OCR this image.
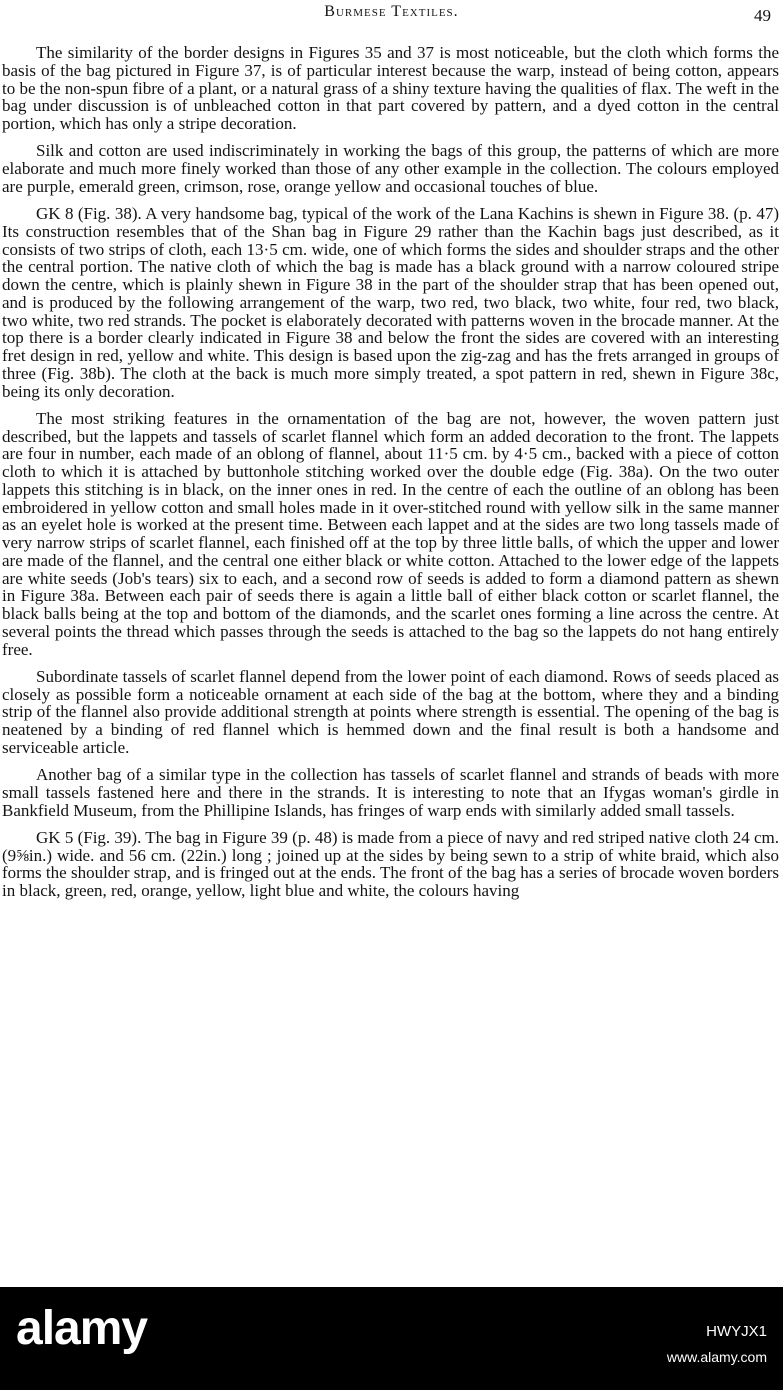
Burmese Textiles.	49

The similarity of the border designs in Figures 35 and 37 is most noticeable, but the cloth which forms the basis of the bag pictured in Figure 37, is of particular interest because the warp, instead of being cotton, appears to be the non-spun fibre of a plant, or a natural grass of a shiny texture having the qualities of flax. The weft in the bag under discussion is of unbleached cotton in that part covered by pattern, and a dyed cotton in the central portion, which has only a stripe decoration.

Silk and cotton are used indiscriminately in working the bags of this group, the patterns of which are more elaborate and much more finely worked than those of any other example in the collection. The colours employed are purple, emerald green, crimson, rose, orange yellow and occasional touches of blue.

GK 8 (Fig. 38). A very handsome bag, typical of the work of the Lana Kachins is shewn in Figure 38. (p. 47) Its construction resembles that of the Shan bag in Figure 29 rather than the Kachin bags just described, as it consists of two strips of cloth, each 13·5 cm. wide, one of which forms the sides and shoulder straps and the other the central portion. The native cloth of which the bag is made has a black ground with a narrow coloured stripe down the centre, which is plainly shewn in Figure 38 in the part of the shoulder strap that has been opened out, and is produced by the following arrangement of the warp, two red, two black, two white, four red, two black, two white, two red strands. The pocket is elaborately decorated with patterns woven in the brocade manner. At the top there is a border clearly indicated in Figure 38 and below the front the sides are covered with an interesting fret design in red, yellow and white. This design is based upon the zig-zag and has the frets arranged in groups of three (Fig. 38b). The cloth at the back is much more simply treated, a spot pattern in red, shewn in Figure 38c, being its only decoration.

The most striking features in the ornamentation of the bag are not, however, the woven pattern just described, but the lappets and tassels of scarlet flannel which form an added decoration to the front. The lappets are four in number, each made of an oblong of flannel, about 11·5 cm. by 4·5 cm., backed with a piece of cotton cloth to which it is attached by buttonhole stitching worked over the double edge (Fig. 38a). On the two outer lappets this stitching is in black, on the inner ones in red. In the centre of each the outline of an oblong has been embroidered in yellow cotton and small holes made in it over-stitched round with yellow silk in the same manner as an eyelet hole is worked at the present time. Between each lappet and at the sides are two long tassels made of very narrow strips of scarlet flannel, each finished off at the top by three little balls, of which the upper and lower are made of the flannel, and the central one either black or white cotton. Attached to the lower edge of the lappets are white seeds (Job's tears) six to each, and a second row of seeds is added to form a diamond pattern as shewn in Figure 38a. Between each pair of seeds there is again a little ball of either black cotton or scarlet flannel, the black balls being at the top and bottom of the diamonds, and the scarlet ones forming a line across the centre. At several points the thread which passes through the seeds is attached to the bag so the lappets do not hang entirely free.

Subordinate tassels of scarlet flannel depend from the lower point of each diamond. Rows of seeds placed as closely as possible form a noticeable ornament at each side of the bag at the bottom, where they and a binding strip of the flannel also provide additional strength at points where strength is essential. The opening of the bag is neatened by a binding of red flannel which is hemmed down and the final result is both a handsome and serviceable article.

Another bag of a similar type in the collection has tassels of scarlet flannel and strands of beads with more small tassels fastened here and there in the strands. It is interesting to note that an Ifygas woman's girdle in Bankfield Museum, from the Phillipine Islands, has fringes of warp ends with similarly added small tassels.

GK 5 (Fig. 39). The bag in Figure 39 (p. 48) is made from a piece of navy and red striped native cloth 24 cm. (9⅝in.) wide. and 56 cm. (22in.) long ; joined up at the sides by being sewn to a strip of white braid, which also forms the shoulder strap, and is fringed out at the ends. The front of the bag has a series of brocade woven borders in black, green, red, orange, yellow, light blue and white, the colours having

alamy	HWYJX1
www.alamy.com
